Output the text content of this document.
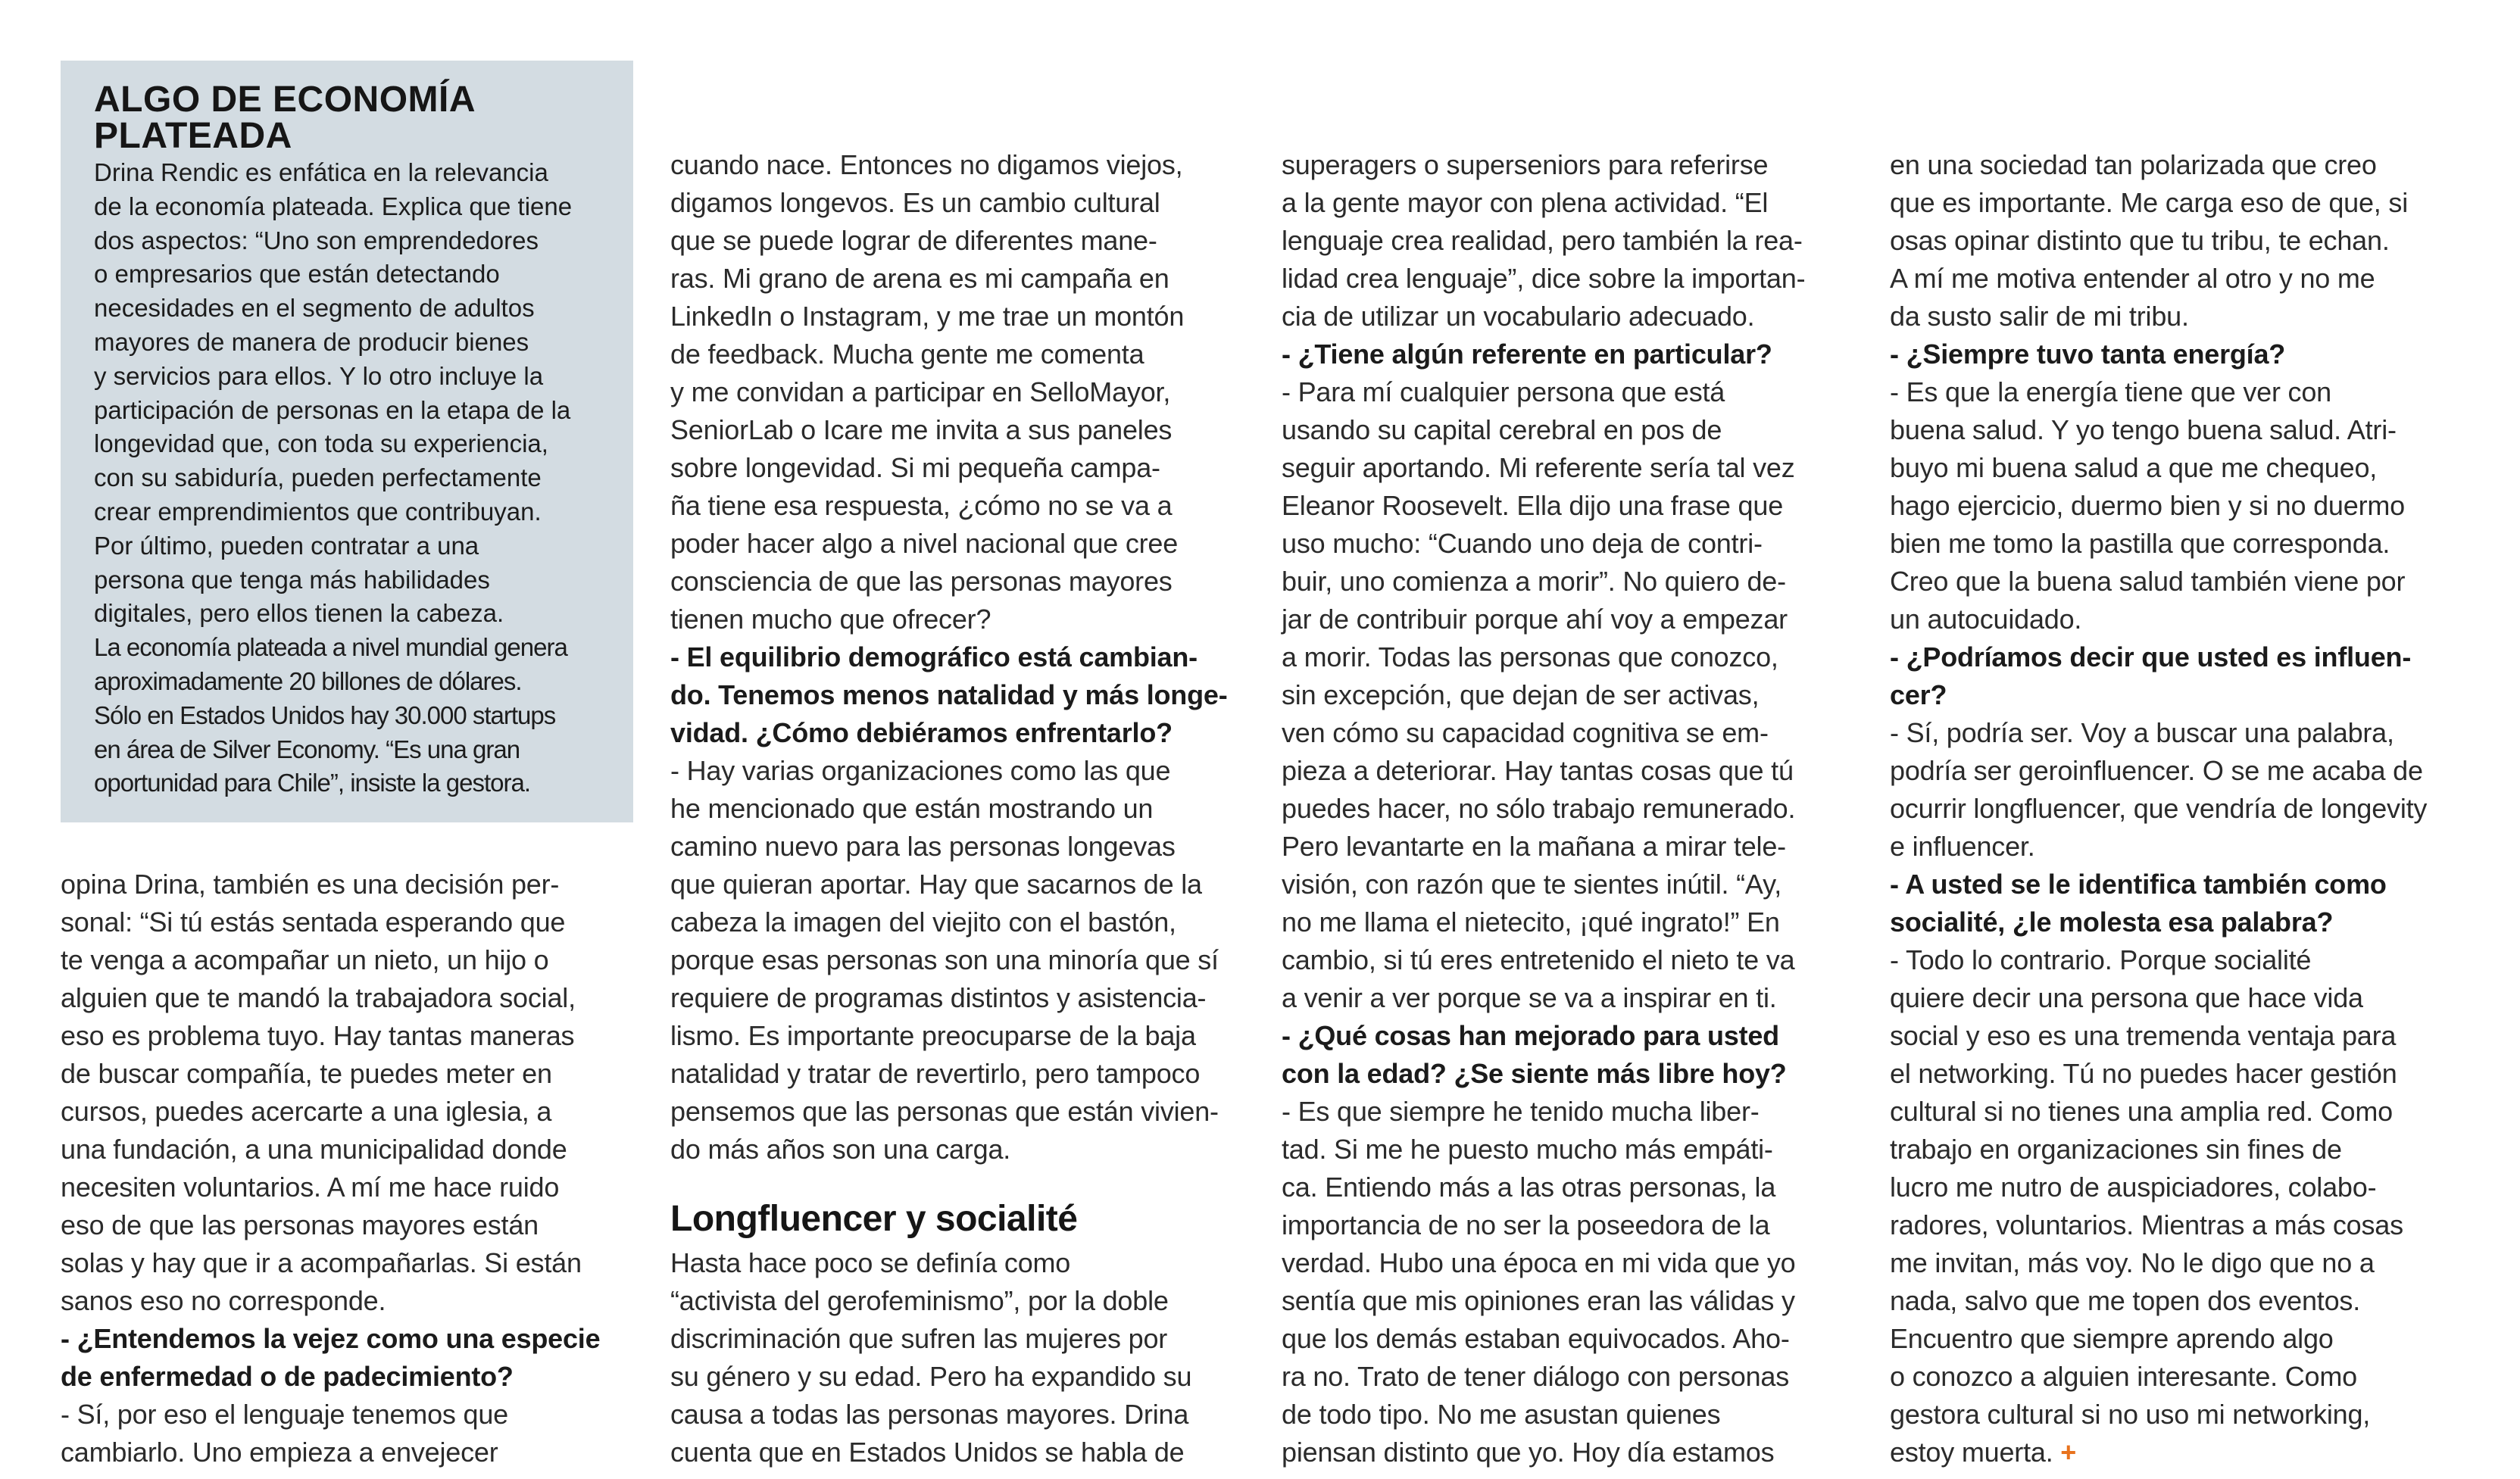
ALGO DE ECONOMÍA
PLATEADA
Drina Rendic es enfática en la relevancia
de la economía plateada. Explica que tiene
dos aspectos: “Uno son emprendedores
o empresarios que están detectando
necesidades en el segmento de adultos
mayores de manera de producir bienes
y servicios para ellos. Y lo otro incluye la
participación de personas en la etapa de la
longevidad que, con toda su experiencia,
con su sabiduría, pueden perfectamente
crear emprendimientos que contribuyan.
Por último, pueden contratar a una
persona que tenga más habilidades
digitales, pero ellos tienen la cabeza.
La economía plateada a nivel mundial genera
aproximadamente 20 billones de dólares.
Sólo en Estados Unidos hay 30.000 startups
en área de Silver Economy. “Es una gran
oportunidad para Chile”, insiste la gestora.
opina Drina, también es una decisión per-
sonal: “Si tú estás sentada esperando que
te venga a acompañar un nieto, un hijo o
alguien que te mandó la trabajadora social,
eso es problema tuyo. Hay tantas maneras
de buscar compañía, te puedes meter en
cursos, puedes acercarte a una iglesia, a
una fundación, a una municipalidad donde
necesiten voluntarios. A mí me hace ruido
eso de que las personas mayores están
solas y hay que ir a acompañarlas. Si están
sanos eso no corresponde.
- ¿Entendemos la vejez como una especie
de enfermedad o de padecimiento?
- Sí, por eso el lenguaje tenemos que
cambiarlo. Uno empieza a envejecer
cuando nace. Entonces no digamos viejos,
digamos longevos. Es un cambio cultural
que se puede lograr de diferentes mane-
ras. Mi grano de arena es mi campaña en
LinkedIn o Instagram, y me trae un montón
de feedback. Mucha gente me comenta
y me convidan a participar en SelloMayor,
SeniorLab o Icare me invita a sus paneles
sobre longevidad. Si mi pequeña campa-
ña tiene esa respuesta, ¿cómo no se va a
poder hacer algo a nivel nacional que cree
consciencia de que las personas mayores
tienen mucho que ofrecer?
- El equilibrio demográfico está cambian-
do. Tenemos menos natalidad y más longe-
vidad. ¿Cómo debiéramos enfrentarlo?
- Hay varias organizaciones como las que
he mencionado que están mostrando un
camino nuevo para las personas longevas
que quieran aportar. Hay que sacarnos de la
cabeza la imagen del viejito con el bastón,
porque esas personas son una minoría que sí
requiere de programas distintos y asistencia-
lismo. Es importante preocuparse de la baja
natalidad y tratar de revertirlo, pero tampoco
pensemos que las personas que están vivien-
do más años son una carga.
Longfluencer y socialité
Hasta hace poco se definía como
“activista del gerofeminismo”, por la doble
discriminación que sufren las mujeres por
su género y su edad. Pero ha expandido su
causa a todas las personas mayores. Drina
cuenta que en Estados Unidos se habla de
superagers o superseniors para referirse
a la gente mayor con plena actividad. “El
lenguaje crea realidad, pero también la rea-
lidad crea lenguaje”, dice sobre la importan-
cia de utilizar un vocabulario adecuado.
- ¿Tiene algún referente en particular?
- Para mí cualquier persona que está
usando su capital cerebral en pos de
seguir aportando. Mi referente sería tal vez
Eleanor Roosevelt. Ella dijo una frase que
uso mucho: “Cuando uno deja de contri-
buir, uno comienza a morir”. No quiero de-
jar de contribuir porque ahí voy a empezar
a morir. Todas las personas que conozco,
sin excepción, que dejan de ser activas,
ven cómo su capacidad cognitiva se em-
pieza a deteriorar. Hay tantas cosas que tú
puedes hacer, no sólo trabajo remunerado.
Pero levantarte en la mañana a mirar tele-
visión, con razón que te sientes inútil. “Ay,
no me llama el nietecito, ¡qué ingrato!” En
cambio, si tú eres entretenido el nieto te va
a venir a ver porque se va a inspirar en ti.
- ¿Qué cosas han mejorado para usted
con la edad? ¿Se siente más libre hoy?
- Es que siempre he tenido mucha liber-
tad. Si me he puesto mucho más empáti-
ca. Entiendo más a las otras personas, la
importancia de no ser la poseedora de la
verdad. Hubo una época en mi vida que yo
sentía que mis opiniones eran las válidas y
que los demás estaban equivocados. Aho-
ra no. Trato de tener diálogo con personas
de todo tipo. No me asustan quienes
piensan distinto que yo. Hoy día estamos
en una sociedad tan polarizada que creo
que es importante. Me carga eso de que, si
osas opinar distinto que tu tribu, te echan.
A mí me motiva entender al otro y no me
da susto salir de mi tribu.
- ¿Siempre tuvo tanta energía?
- Es que la energía tiene que ver con
buena salud. Y yo tengo buena salud. Atri-
buyo mi buena salud a que me chequeo,
hago ejercicio, duermo bien y si no duermo
bien me tomo la pastilla que corresponda.
Creo que la buena salud también viene por
un autocuidado.
- ¿Podríamos decir que usted es influen-
cer?
- Sí, podría ser. Voy a buscar una palabra,
podría ser geroinfluencer. O se me acaba de
ocurrir longfluencer, que vendría de longevity
e influencer.
- A usted se le identifica también como
socialité, ¿le molesta esa palabra?
- Todo lo contrario. Porque socialité
quiere decir una persona que hace vida
social y eso es una tremenda ventaja para
el networking. Tú no puedes hacer gestión
cultural si no tienes una amplia red. Como
trabajo en organizaciones sin fines de
lucro me nutro de auspiciadores, colabo-
radores, voluntarios. Mientras a más cosas
me invitan, más voy. No le digo que no a
nada, salvo que me topen dos eventos.
Encuentro que siempre aprendo algo
o conozco a alguien interesante. Como
gestora cultural si no uso mi networking,
estoy muerta. +
